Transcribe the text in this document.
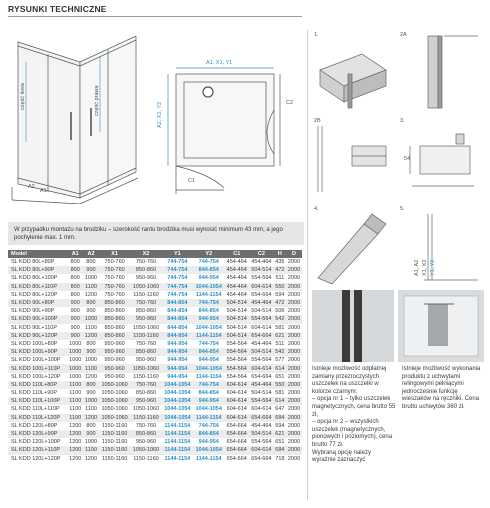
RYSUNKI TECHNICZNE
część lewa	część prawa
A2
A1
A1, X1, Y1
A2, X2, Y2
C1
C2
W przypadku montażu na brodziku – szerokość rantu brodzika musi wynosić minimum 43 mm, a jego pochylenie max. 1 mm.
Model	A1	A2	X1	X2	Y1	Y2	C1	C2	H	D
SL KDD 80L+80P	800	800	750-760	750-760	744-754	744-754	454-464	454-464	435	2000
SL KDD 80L+90P	800	900	750-760	850-860	744-754	844-854	454-464	504-514	472	2000
SL KDD 80L+100P	800	1000	750-760	950-960	744-754	944-954	454-464	554-564	511	2000
SL KDD 80L+110P	800	1100	750-760	1050-1060	744-754	1044-1054	454-464	604-614	550	2000
SL KDD 80L+120P	800	1200	750-760	1150-1160	744-754	1144-1154	454-464	654-664	594	2000
SL KDD 90L+80P	900	800	850-860	750-760	844-854	744-754	504-514	454-464	472	2000
SL KDD 90L+90P	900	900	850-860	850-860	844-854	844-854	504-514	504-514	506	2000
SL KDD 90L+100P	900	1000	850-860	950-960	844-854	944-954	504-514	554-564	542	2000
SL KDD 90L+110P	900	1100	850-860	1050-1060	844-854	1044-1054	504-514	604-614	581	2000
SL KDD 90L+120P	900	1200	850-860	1150-1160	844-854	1144-1154	504-514	654-664	621	2000
SL KDD 100L+80P	1000	800	950-960	750-760	944-954	744-754	554-564	454-464	511	2000
SL KDD 100L+90P	1000	900	950-960	850-860	944-954	844-854	554-564	504-514	542	2000
SL KDD 100L+100P	1000	1000	950-960	950-960	944-954	944-954	554-564	554-564	577	2000
SL KDD 100L+110P	1000	1100	950-960	1050-1060	944-954	1044-1054	554-564	604-614	614	2000
SL KDD 100L+120P	1000	1200	950-960	1150-1160	944-954	1144-1154	554-564	654-664	651	2000
SL KDD 110L+80P	1100	800	1050-1060	750-760	1044-1054	744-754	604-614	454-464	550	2000
SL KDD 110L+90P	1100	900	1050-1060	850-860	1044-1054	844-854	604-614	504-514	581	2000
SL KDD 110L+100P	1100	1000	1050-1060	950-960	1044-1054	944-954	604-614	554-564	614	2000
SL KDD 110L+110P	1100	1100	1050-1060	1050-1060	1044-1054	1044-1054	604-614	604-614	647	2000
SL KDD 110L+120P	1100	1200	1050-1060	1150-1160	1044-1054	1144-1154	604-614	654-664	684	2000
SL KDD 120L+80P	1200	800	1150-1160	750-760	1144-1154	744-754	654-664	454-464	594	2000
SL KDD 120L+90P	1200	900	1150-1160	850-860	1144-1154	844-854	654-664	504-514	621	2000
SL KDD 120L+100P	1200	1000	1150-1160	950-960	1144-1154	944-954	654-664	554-564	651	2000
SL KDD 120L+110P	1200	1100	1150-1160	1050-1060	1144-1154	1044-1054	654-664	604-614	684	2000
SL KDD 120L+120P	1200	1200	1150-1160	1150-1160	1144-1154	1144-1154	654-664	654-664	718	2000
1.	2A
2B	3.
54
4.	5.
A1, A2 X1, X2 Y1, Y2
Istnieje możliwość odpłatnej zamiany przezroczystych uszczelek na uszczelki w kolorze czarnym:
– opcja nr 1 – tylko uszczelek magnetycznych, cena brutto 55 zł,
– opcja nr 2 – wszystkich uszczelek (magnetycznych, pionowych i poziomych), cena brutto 77 zł.
Wybraną opcję należy wyraźnie zaznaczyć
Istnieje możliwość wykonania produktu z uchwytami relingowymi pełniącymi jednocześnie funkcję wieszaków na ręczniki. Cena brutto uchwytów 360 zł.
